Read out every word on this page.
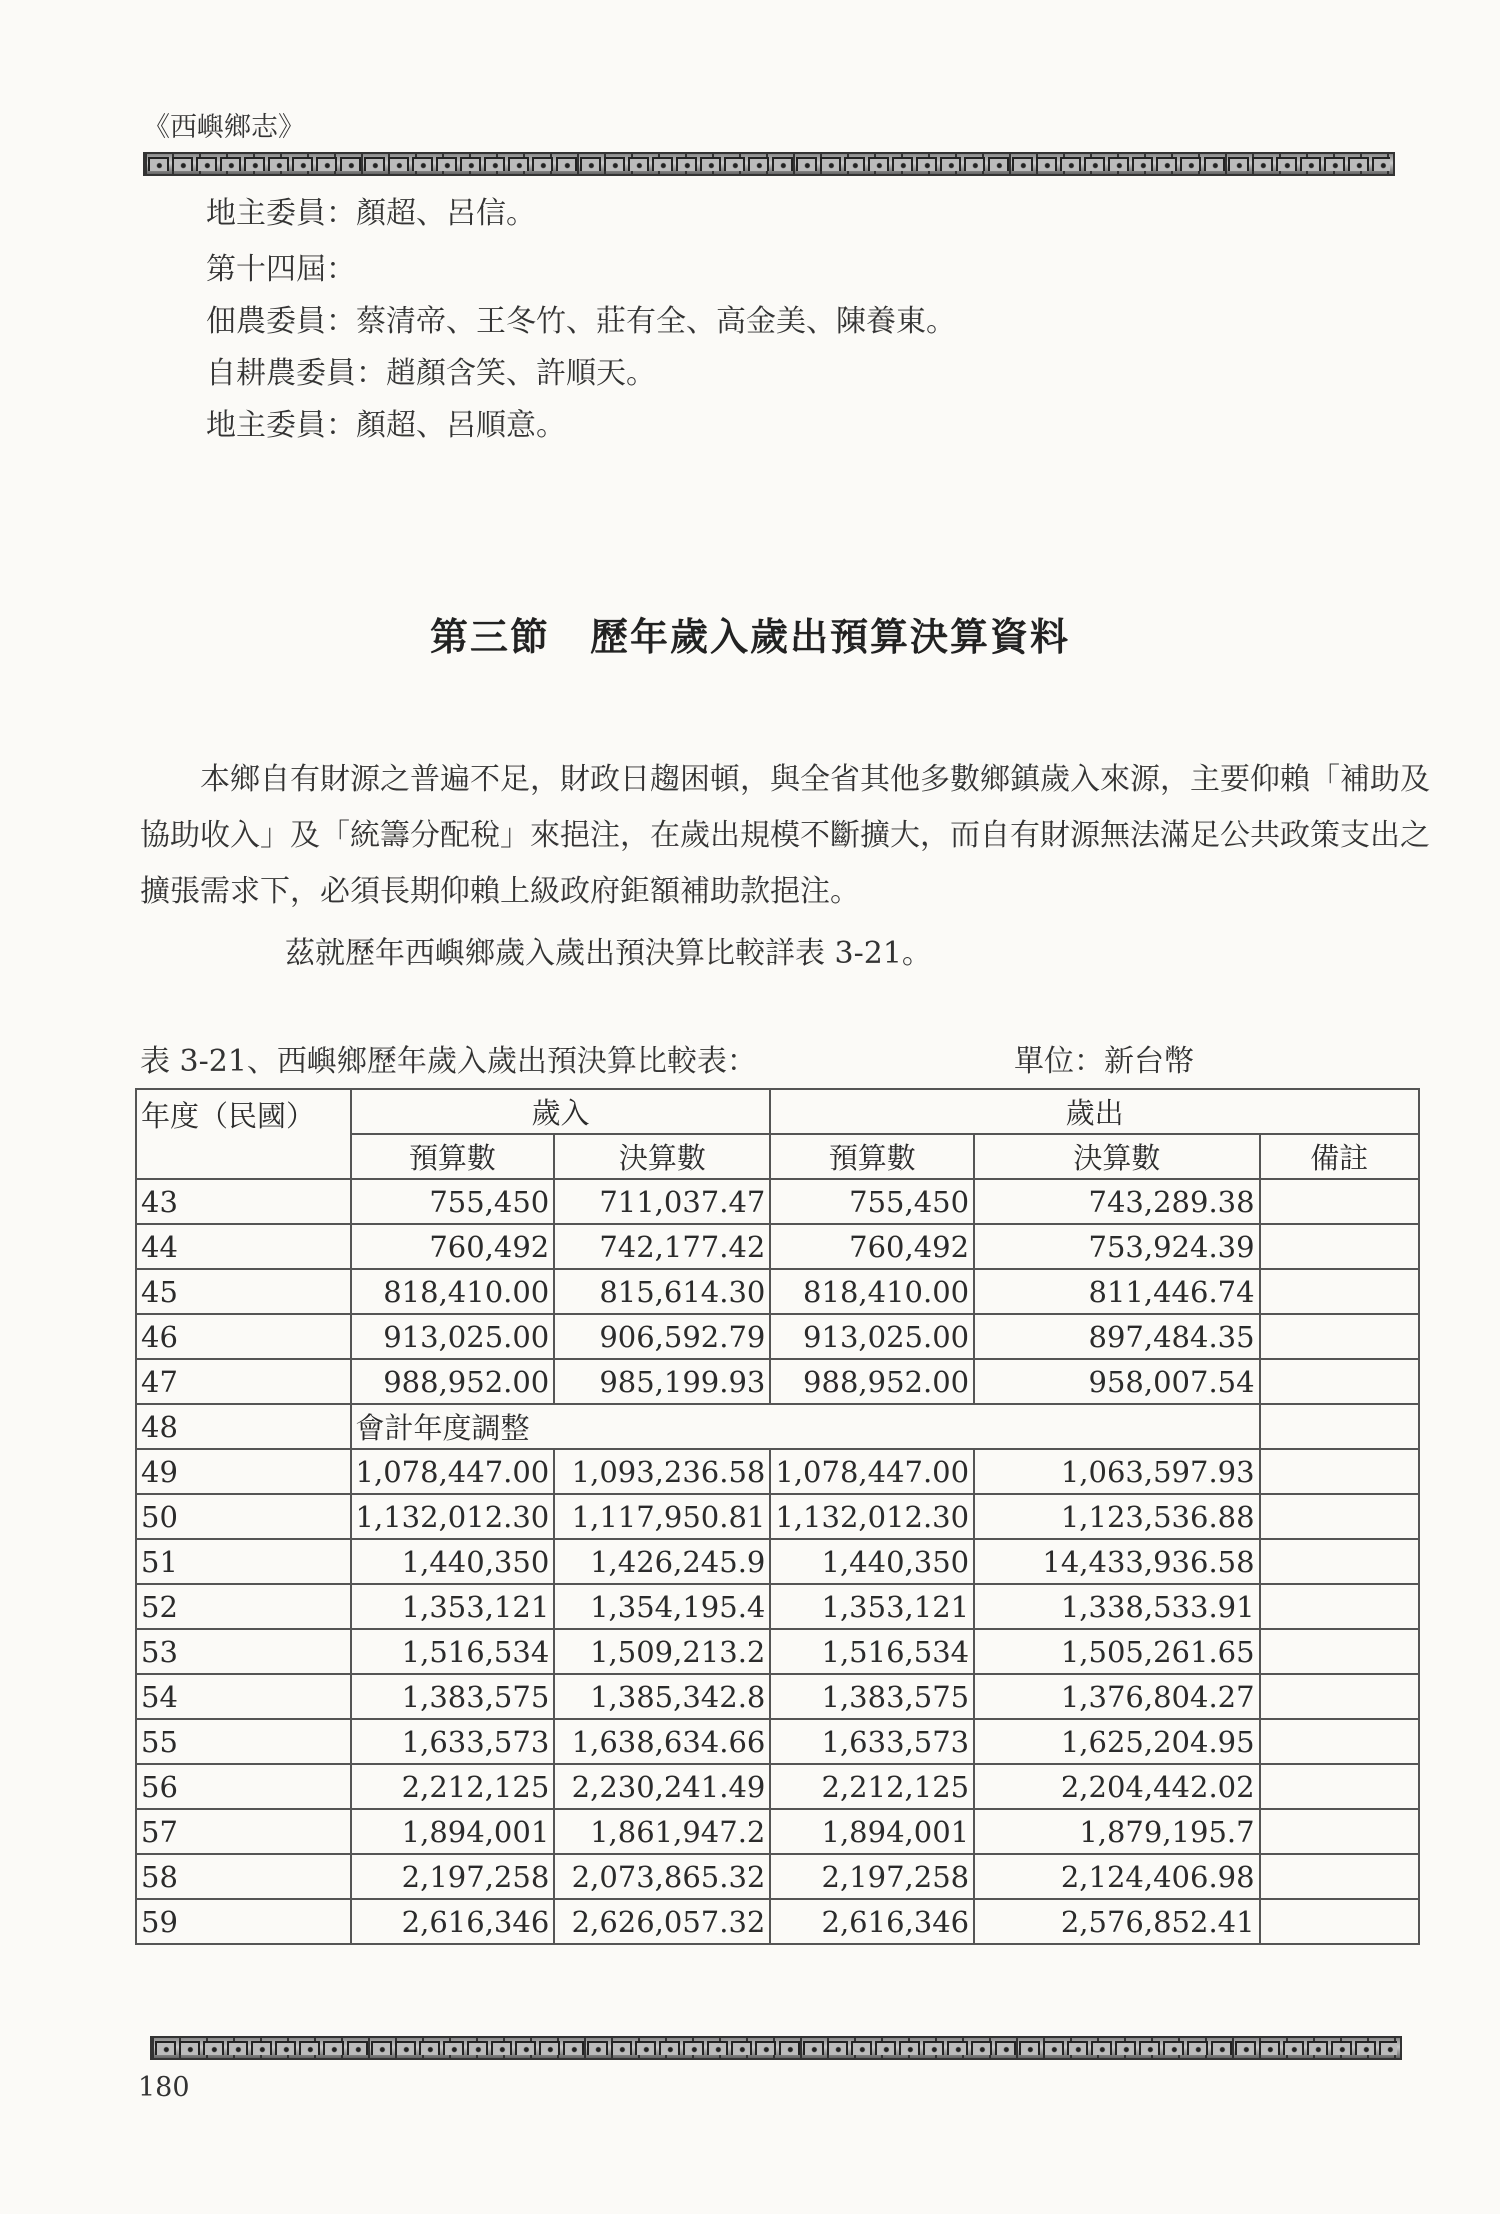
《西嶼鄉志》
地主委員：顏超、呂信。
第十四屆：
佃農委員：蔡清帝、王冬竹、莊有全、高金美、陳養東。
自耕農委員：趙顏含笑、許順天。
地主委員：顏超、呂順意。
第三節　歷年歲入歲出預算決算資料
本鄉自有財源之普遍不足，財政日趨困頓，與全省其他多數鄉鎮歲入來源，主要仰賴「補助及協助收入」及「統籌分配稅」來挹注，在歲出規模不斷擴大，而自有財源無法滿足公共政策支出之擴張需求下，必須長期仰賴上級政府鉅額補助款挹注。
茲就歷年西嶼鄉歲入歲出預決算比較詳表 3-21。
表 3-21、西嶼鄉歷年歲入歲出預決算比較表：	單位：新台幣
年度（民國）	歲入		歲出		
	預算數	決算數	預算數	決算數	備註
43	755,450	711,037.47	755,450	743,289.38	
44	760,492	742,177.42	760,492	753,924.39	
45	818,410.00	815,614.30	818,410.00	811,446.74	
46	913,025.00	906,592.79	913,025.00	897,484.35	
47	988,952.00	985,199.93	988,952.00	958,007.54	
48	會計年度調整				
49	1,078,447.00	1,093,236.58	1,078,447.00	1,063,597.93	
50	1,132,012.30	1,117,950.81	1,132,012.30	1,123,536.88	
51	1,440,350	1,426,245.9	1,440,350	14,433,936.58	
52	1,353,121	1,354,195.4	1,353,121	1,338,533.91	
53	1,516,534	1,509,213.2	1,516,534	1,505,261.65	
54	1,383,575	1,385,342.8	1,383,575	1,376,804.27	
55	1,633,573	1,638,634.66	1,633,573	1,625,204.95	
56	2,212,125	2,230,241.49	2,212,125	2,204,442.02	
57	1,894,001	1,861,947.2	1,894,001	1,879,195.7	
58	2,197,258	2,073,865.32	2,197,258	2,124,406.98	
59	2,616,346	2,626,057.32	2,616,346	2,576,852.41	
180
